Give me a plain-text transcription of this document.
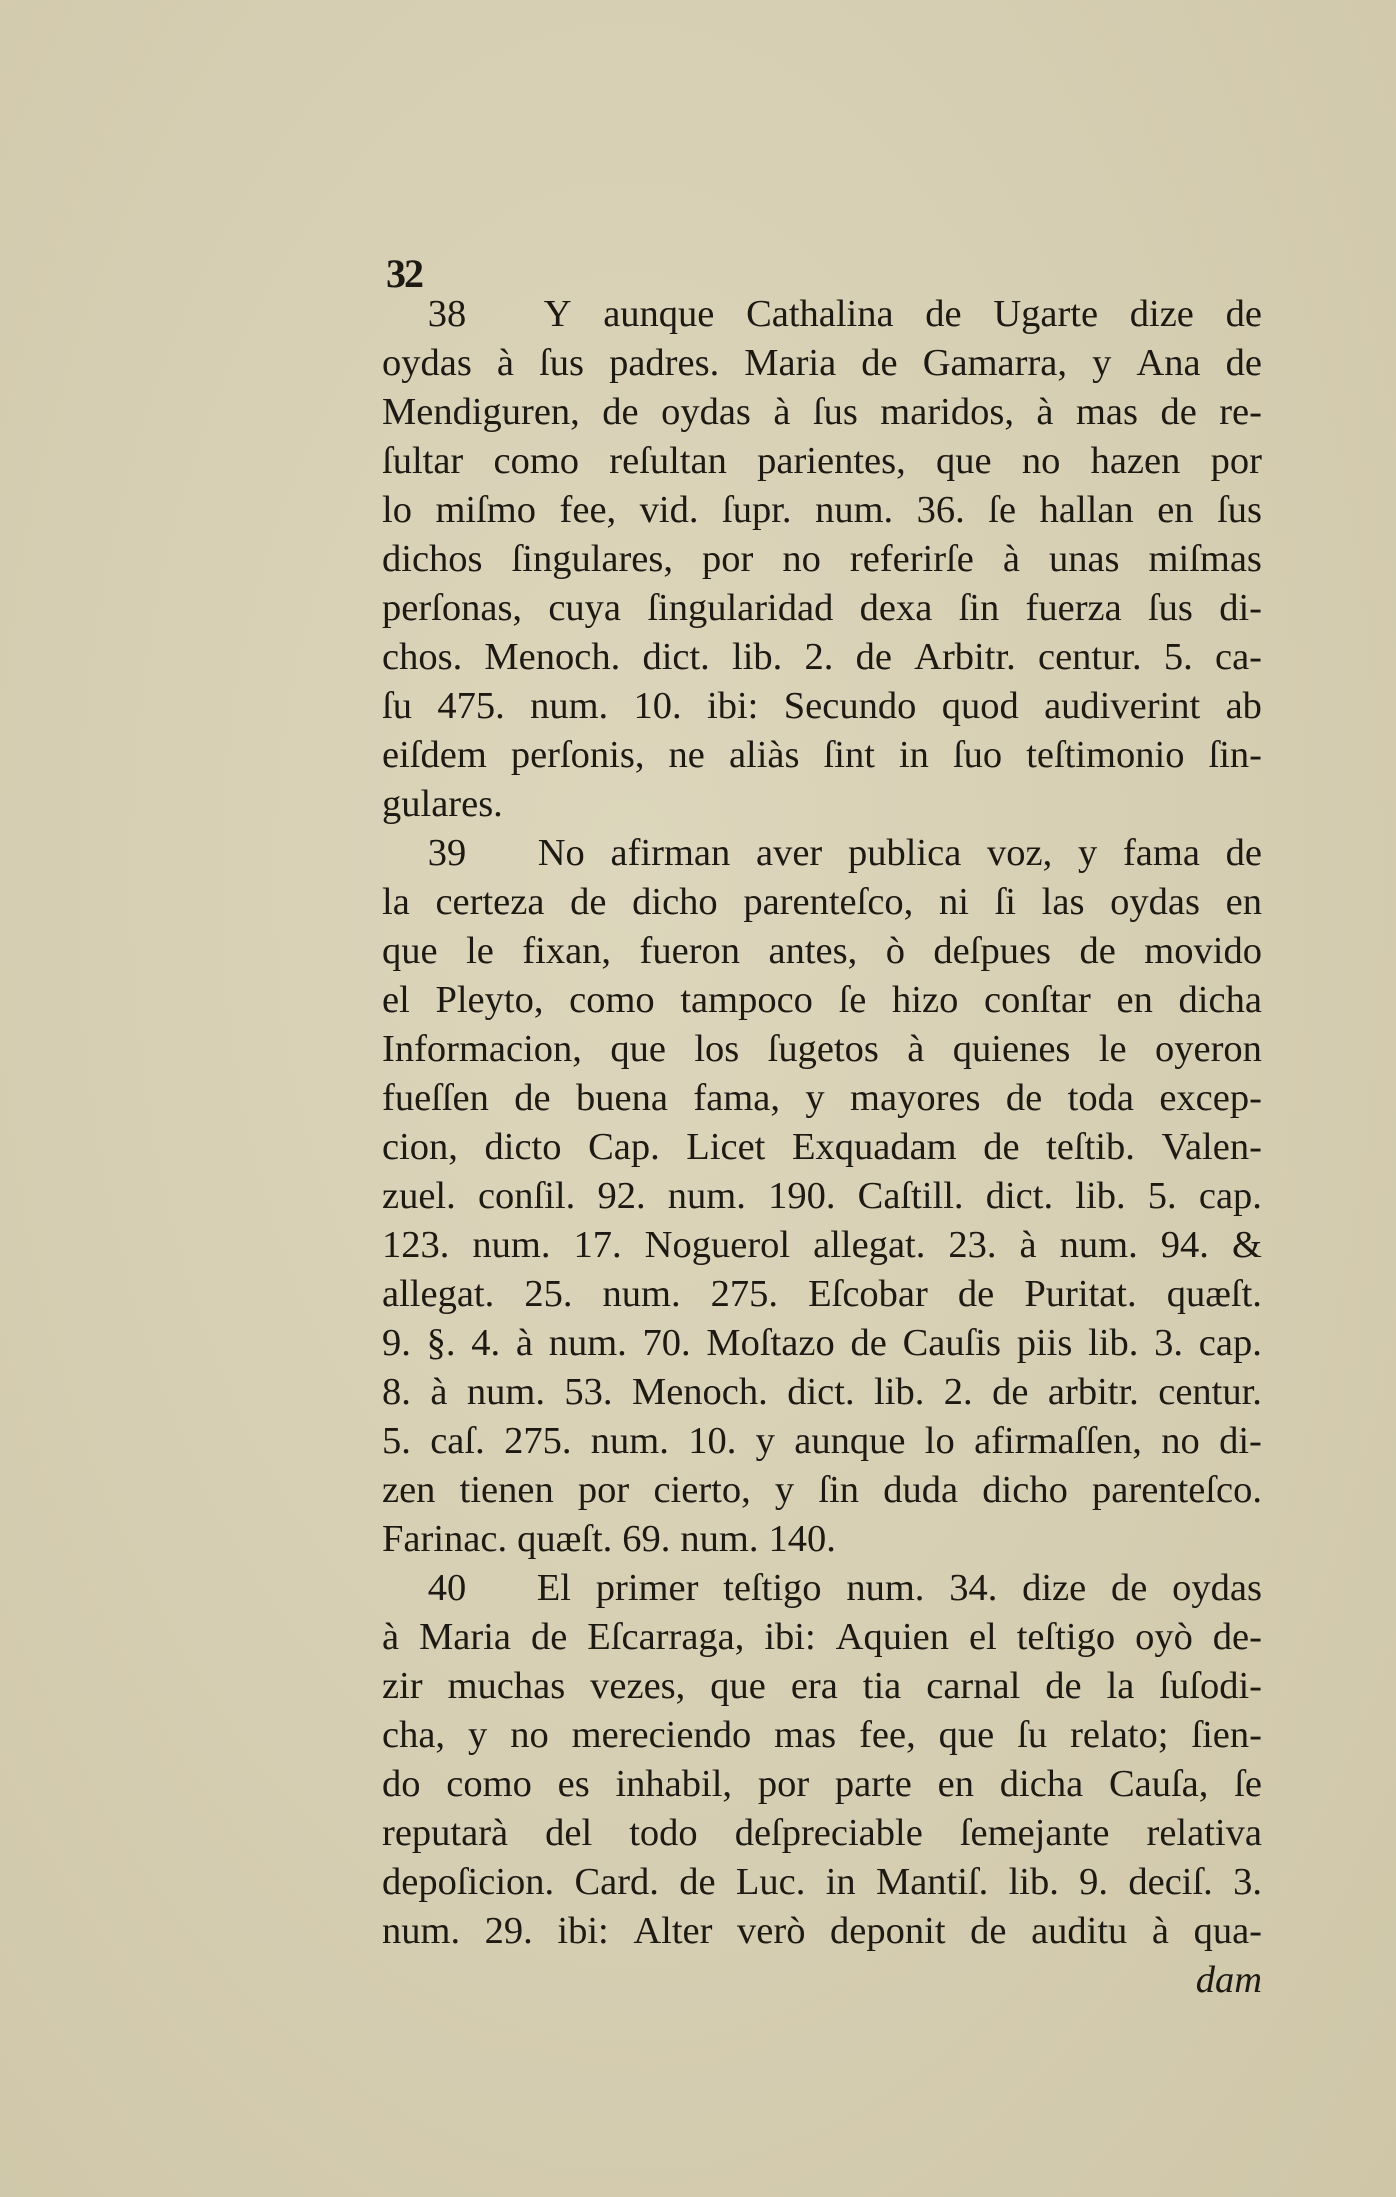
32
38	Y aunque Cathalina de Ugarte dize de
oydas à ſus padres. Maria de Gamarra, y Ana de
Mendiguren, de oydas à ſus maridos, à mas de re-
ſultar como reſultan parientes, que no hazen por
lo miſmo fee, vid. ſupr. num. 36. ſe hallan en ſus
dichos ſingulares, por no referirſe à unas miſmas
perſonas, cuya ſingularidad dexa ſin fuerza ſus di-
chos. Menoch. dict. lib. 2. de Arbitr. centur. 5. ca-
ſu 475. num. 10. ibi: Secundo quod audiverint ab
eiſdem perſonis, ne aliàs ſint in ſuo teſtimonio ſin-
gulares.
39	No afirman aver publica voz, y fama de
la certeza de dicho parenteſco, ni ſi las oydas en
que le fixan, fueron antes, ò deſpues de movido
el Pleyto, como tampoco ſe hizo conſtar en dicha
Informacion, que los ſugetos à quienes le oyeron
fueſſen de buena fama, y mayores de toda excep-
cion, dicto Cap. Licet Exquadam de teſtib. Valen-
zuel. conſil. 92. num. 190. Caſtill. dict. lib. 5. cap.
123. num. 17. Noguerol allegat. 23. à num. 94. &
allegat. 25. num. 275. Eſcobar de Puritat. quæſt.
9. §. 4. à num. 70. Moſtazo de Cauſis piis lib. 3. cap.
8. à num. 53. Menoch. dict. lib. 2. de arbitr. centur.
5. caſ. 275. num. 10. y aunque lo afirmaſſen, no di-
zen tienen por cierto, y ſin duda dicho parenteſco.
Farinac. quæſt. 69. num. 140.
40	El primer teſtigo num. 34. dize de oydas
à Maria de Eſcarraga, ibi: Aquien el teſtigo oyò de-
zir muchas vezes, que era tia carnal de la ſuſodi-
cha, y no mereciendo mas fee, que ſu relato; ſien-
do como es inhabil, por parte en dicha Cauſa, ſe
reputarà del todo deſpreciable ſemejante relativa
depoſicion. Card. de Luc. in Mantiſ. lib. 9. deciſ. 3.
num. 29. ibi: Alter verò deponit de auditu à qua-
dam
